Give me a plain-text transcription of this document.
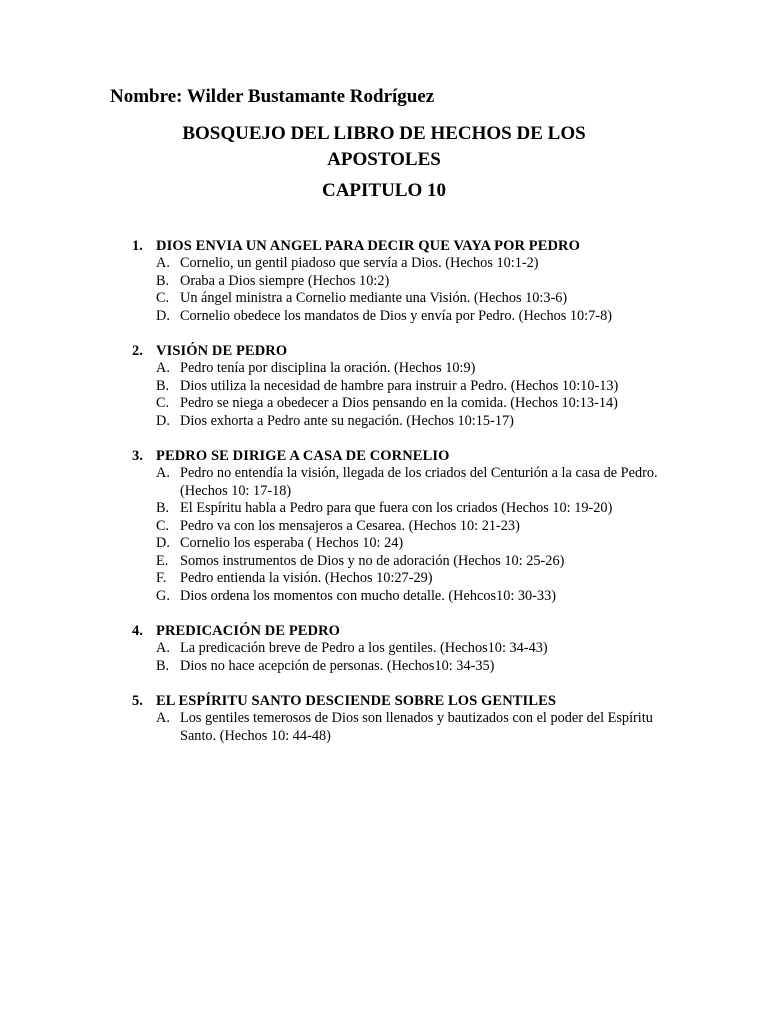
Nombre: Wilder Bustamante Rodríguez
BOSQUEJO DEL LIBRO DE HECHOS DE LOS
APOSTOLES
CAPITULO 10
1. DIOS ENVIA UN ANGEL PARA DECIR QUE VAYA POR PEDRO
A. Cornelio, un gentil piadoso que servía a Dios. (Hechos 10:1-2)
B. Oraba a Dios siempre (Hechos 10:2)
C. Un ángel ministra a Cornelio mediante una Visión. (Hechos 10:3-6)
D. Cornelio obedece los mandatos de Dios y envía por Pedro. (Hechos 10:7-8)
2. VISIÓN DE PEDRO
A. Pedro tenía por disciplina la oración. (Hechos 10:9)
B. Dios utiliza la necesidad de hambre para instruir a Pedro. (Hechos 10:10-13)
C. Pedro se niega a obedecer a Dios pensando en la comida. (Hechos 10:13-14)
D. Dios exhorta a Pedro ante su negación. (Hechos 10:15-17)
3. PEDRO SE DIRIGE A CASA DE CORNELIO
A. Pedro no entendía la visión, llegada de los criados del Centurión a la casa de Pedro. (Hechos 10: 17-18)
B. El Espíritu habla a Pedro para que fuera con los criados (Hechos 10: 19-20)
C. Pedro va con los mensajeros a Cesarea. (Hechos 10: 21-23)
D. Cornelio los esperaba ( Hechos 10: 24)
E. Somos instrumentos de Dios y no de adoración (Hechos 10: 25-26)
F. Pedro entienda la visión. (Hechos 10:27-29)
G. Dios ordena los momentos con mucho detalle. (Hehcos10: 30-33)
4. PREDICACIÓN DE PEDRO
A. La predicación breve de Pedro a los gentiles. (Hechos10: 34-43)
B. Dios no hace acepción de personas. (Hechos10: 34-35)
5. EL ESPÍRITU SANTO DESCIENDE SOBRE LOS GENTILES
A. Los gentiles temerosos de Dios son llenados y bautizados con el poder del Espíritu Santo. (Hechos 10: 44-48)
